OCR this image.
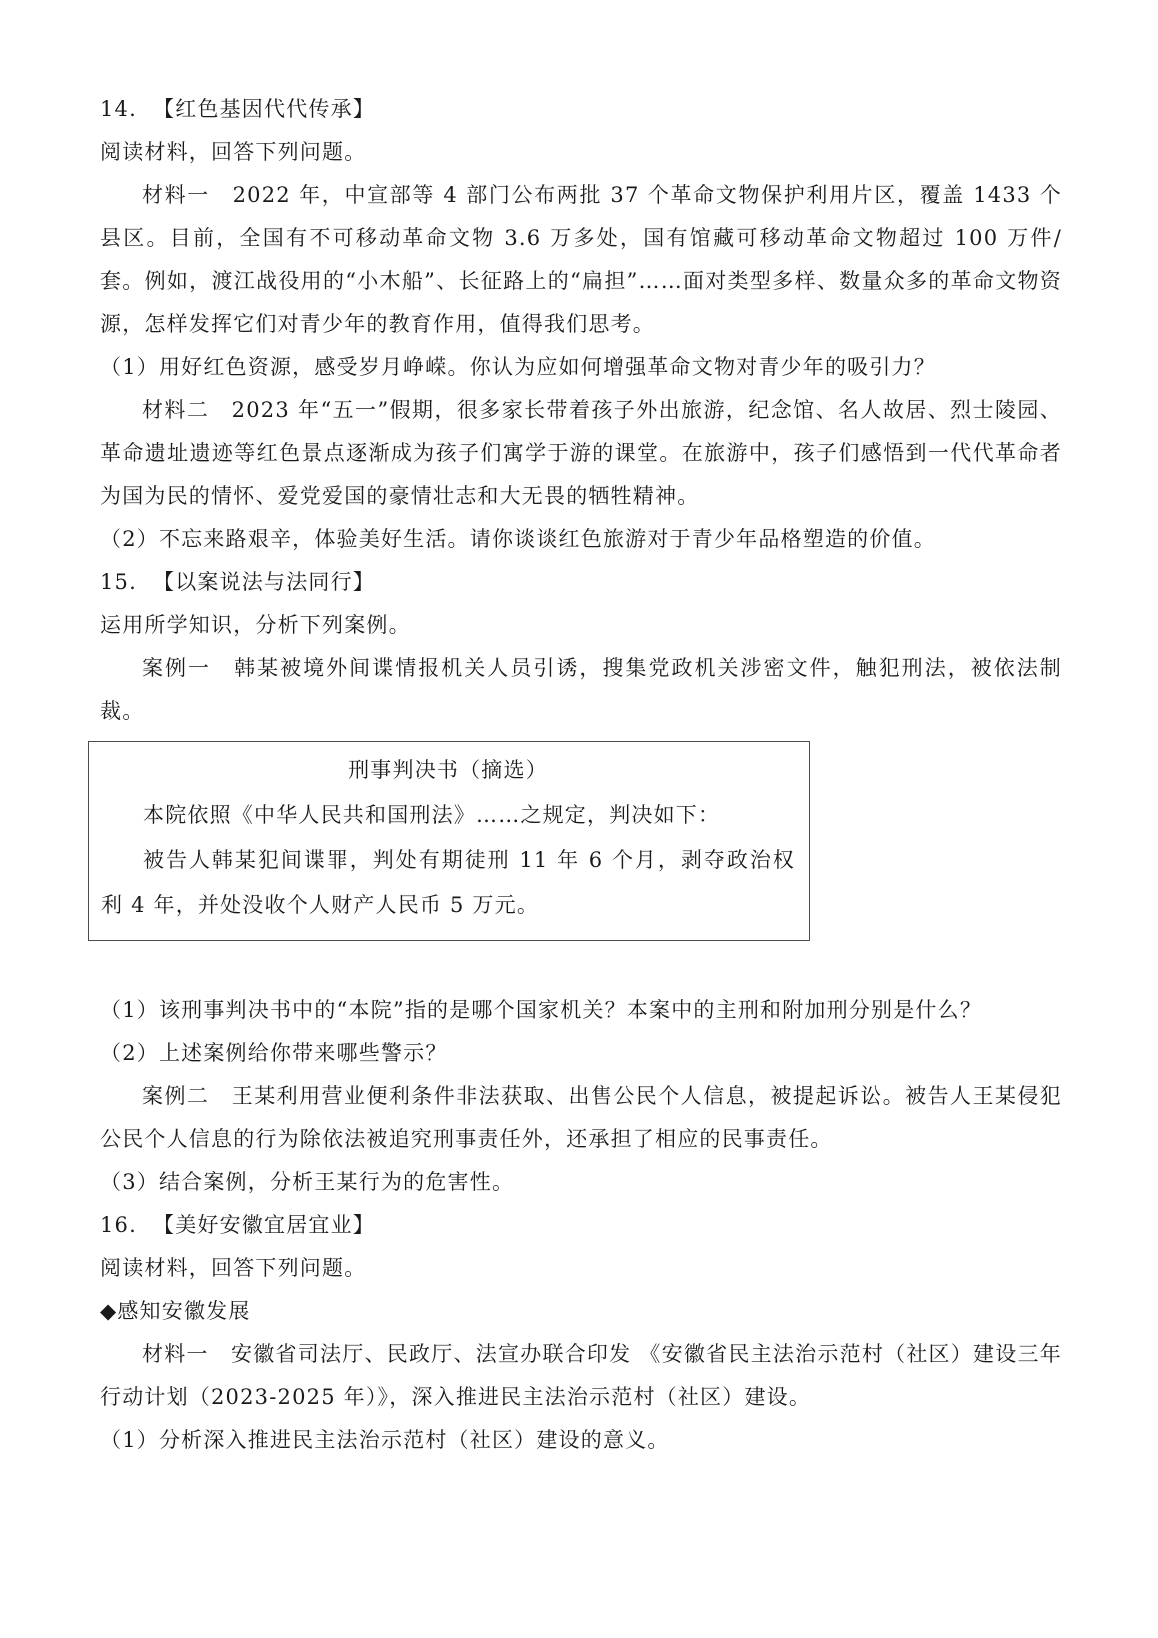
14. 【红色基因代代传承】

阅读材料，回答下列问题。

材料一　2022 年，中宣部等 4 部门公布两批 37 个革命文物保护利用片区，覆盖 1433 个县区。目前，全国有不可移动革命文物 3.6 万多处，国有馆藏可移动革命文物超过 100 万件/套。例如，渡江战役用的“小木船”、长征路上的“扁担”……面对类型多样、数量众多的革命文物资源，怎样发挥它们对青少年的教育作用，值得我们思考。

（1）用好红色资源，感受岁月峥嵘。你认为应如何增强革命文物对青少年的吸引力？

材料二　2023 年“五一”假期，很多家长带着孩子外出旅游，纪念馆、名人故居、烈士陵园、革命遗址遗迹等红色景点逐渐成为孩子们寓学于游的课堂。在旅游中，孩子们感悟到一代代革命者为国为民的情怀、爱党爱国的豪情壮志和大无畏的牺牲精神。

（2）不忘来路艰辛，体验美好生活。请你谈谈红色旅游对于青少年品格塑造的价值。

15. 【以案说法与法同行】

运用所学知识，分析下列案例。

案例一　韩某被境外间谍情报机关人员引诱，搜集党政机关涉密文件，触犯刑法，被依法制裁。

刑事判决书（摘选）

本院依照《中华人民共和国刑法》……之规定，判决如下：

被告人韩某犯间谍罪，判处有期徒刑 11 年 6 个月，剥夺政治权利 4 年，并处没收个人财产人民币 5 万元。

（1）该刑事判决书中的“本院”指的是哪个国家机关？本案中的主刑和附加刑分别是什么？

（2）上述案例给你带来哪些警示？

案例二　王某利用营业便利条件非法获取、出售公民个人信息，被提起诉讼。被告人王某侵犯公民个人信息的行为除依法被追究刑事责任外，还承担了相应的民事责任。

（3）结合案例，分析王某行为的危害性。

16. 【美好安徽宜居宜业】

阅读材料，回答下列问题。

◆感知安徽发展

材料一　安徽省司法厅、民政厅、法宣办联合印发 《安徽省民主法治示范村（社区）建设三年行动计划（2023-2025 年）》，深入推进民主法治示范村（社区）建设。

（1）分析深入推进民主法治示范村（社区）建设的意义。
